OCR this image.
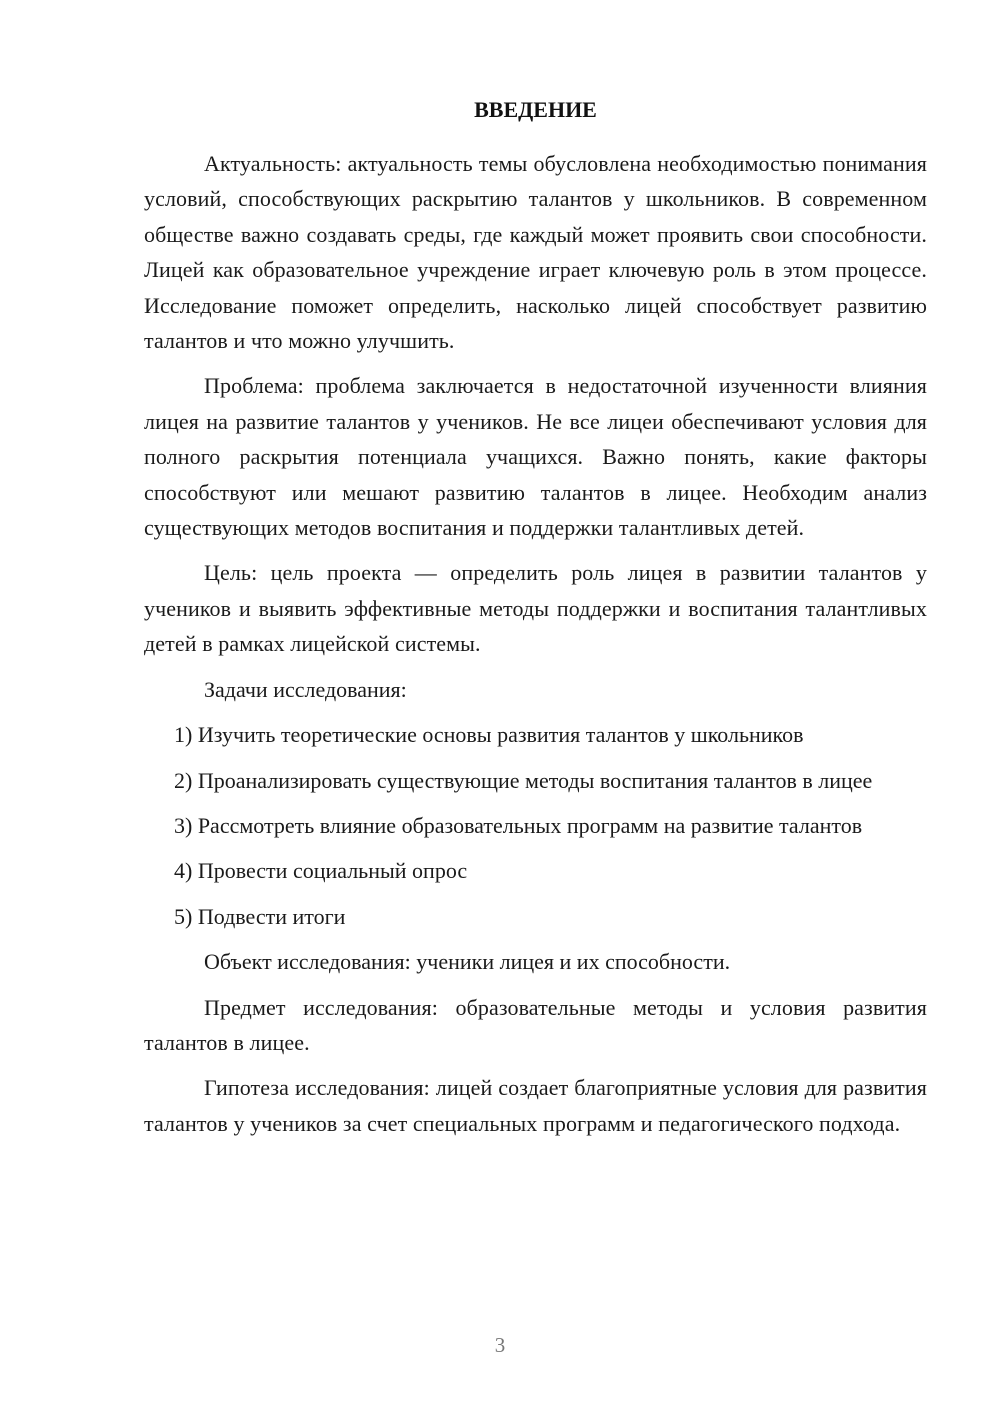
ВВЕДЕНИЕ

Актуальность: актуальность темы обусловлена необходимостью понимания условий, способствующих раскрытию талантов у школьников. В современном обществе важно создавать среды, где каждый может проявить свои способности. Лицей как образовательное учреждение играет ключевую роль в этом процессе. Исследование поможет определить, насколько лицей способствует развитию талантов и что можно улучшить.

Проблема: проблема заключается в недостаточной изученности влияния лицея на развитие талантов у учеников. Не все лицеи обеспечивают условия для полного раскрытия потенциала учащихся. Важно понять, какие факторы способствуют или мешают развитию талантов в лицее. Необходим анализ существующих методов воспитания и поддержки талантливых детей.

Цель: цель проекта — определить роль лицея в развитии талантов у учеников и выявить эффективные методы поддержки и воспитания талантливых детей в рамках лицейской системы.

Задачи исследования:

1) Изучить теоретические основы развития талантов у школьников

2) Проанализировать существующие методы воспитания талантов в лицее

3) Рассмотреть влияние образовательных программ на развитие талантов

4) Провести социальный опрос

5) Подвести итоги

Объект исследования: ученики лицея и их способности.

Предмет исследования: образовательные методы и условия развития талантов в лицее.

Гипотеза исследования: лицей создает благоприятные условия для развития талантов у учеников за счет специальных программ и педагогического подхода.

3
